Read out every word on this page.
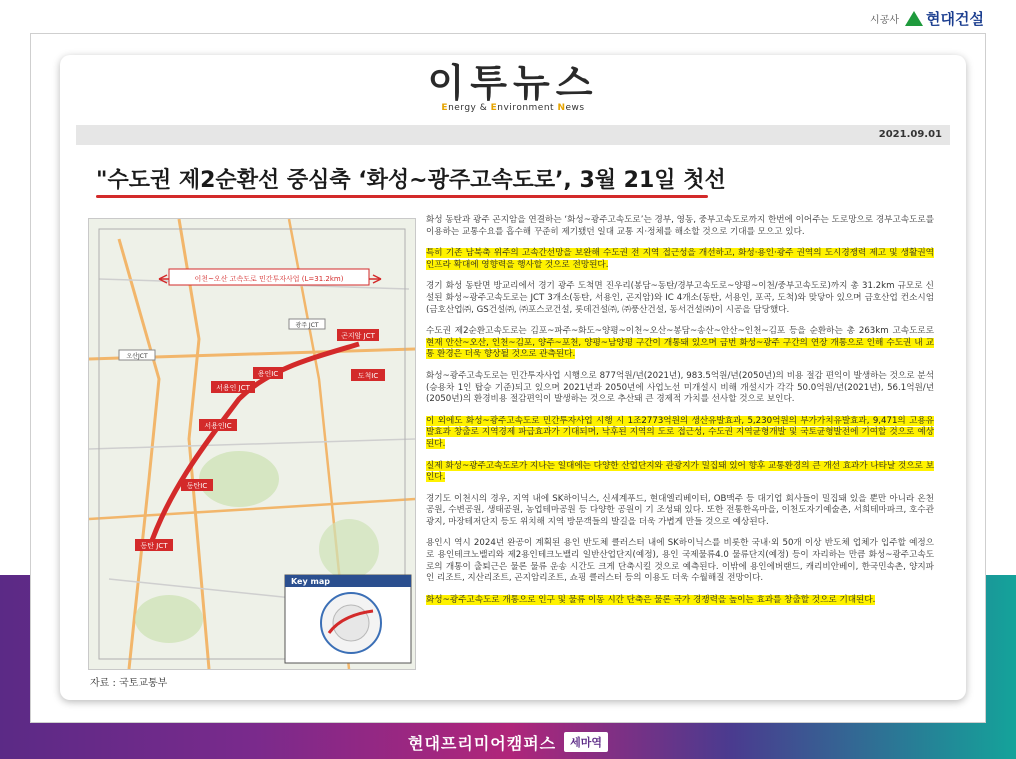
시공사 현대건설
이투뉴스
Energy & Environment News
2021.09.01
"수도권 제2순환선 중심축 ‘화성~광주고속도로’, 3월 21일 첫선
이천~오산 고속도로 민간투자사업 (L=31.2km)
곤지암 JCT
도척IC
용인IC
서용인 JCT
서용인IC
동탄IC
동탄 JCT
오산JCT
광주 JCT
Key map
자료 : 국토교통부

화성 동탄과 광주 곤지암을 연결하는 ‘화성~광주고속도로’는 경부, 영동, 중부고속도로까지 한번에 이어주는 도로망으로 경부고속도로를 이용하는 교통수요를 흡수해 꾸준히 제기됐던 일대 교통 지·정체를 해소할 것으로 기대를 모으고 있다.

특히 기존 남북축 위주의 고속간선망을 보완해 수도권 전 지역 접근성을 개선하고, 화성·용인·광주 권역의 도시경쟁력 제고 및 생활권역 인프라 확대에 영향력을 행사할 것으로 전망된다.

경기 화성 동탄면 방교리에서 경기 광주 도척면 진우리(봉담~동탄/경부고속도로~양평~이천/중부고속도로)까지 총 31.2km 규모로 신설된 화성~광주고속도로는 JCT 3개소(동탄, 서용인, 곤지암)와 IC 4개소(동탄, 서용인, 포곡, 도척)와 맞닿아 있으며 금호산업 컨소시엄(금호산업㈜, GS건설㈜, ㈜포스코건설, 롯데건설㈜, ㈜풍산건설, 동서건설㈜)이 시공을 담당했다.

수도권 제2순환고속도로는 김포~파주~화도~양평~이천~오산~봉담~송산~안산~인천~김포 등을 순환하는 총 263km 고속도로로 현재 안산~오산, 인천~김포, 양주~포천, 양평~남양평 구간이 개통돼 있으며 금번 화성~광주 구간의 연장 개통으로 인해 수도권 내 교통 환경은 더욱 향상될 것으로 관측된다.

화성~광주고속도로는 민간투자사업 시행으로 877억원/년(2021년), 983.5억원/년(2050년)의 비용 절감 편익이 발생하는 것으로 분석(승용차 1인 탑승 기준)되고 있으며 2021년과 2050년에 사업노선 미개설시 비해 개설시가 각각 50.0억원/년(2021년), 56.1억원/년(2050년)의 환경비용 절감편익이 발생하는 것으로 추산돼 큰 경제적 가치를 선사할 것으로 보인다.

이 외에도 화성~광주고속도로 민간투자사업 시행 시 1조2773억원의 생산유발효과, 5,230억원의 부가가치유발효과, 9,471의 고용유발효과 창출로 지역경제 파급효과가 기대되며, 낙후된 지역의 도로 접근성, 수도권 지역균형개발 및 국토균형발전에 기여할 것으로 예상된다.

실제 화성~광주고속도로가 지나는 일대에는 다양한 산업단지와 관광지가 밀집돼 있어 향후 교통환경의 큰 개선 효과가 나타날 것으로 보인다.

경기도 이천시의 경우, 지역 내에 SK하이닉스, 신세계푸드, 현대엘리베이터, OB맥주 등 대기업 회사들이 밀집돼 있을 뿐만 아니라 온천공원, 수변공원, 생태공원, 농업테마공원 등 다양한 공원이 기 조성돼 있다. 또한 전통한옥마을, 이천도자기예술촌, 서희테마파크, 호수관광지, 마장테저단지 등도 위치해 지역 방문객들의 발길을 더욱 가볍게 만들 것으로 예상된다.

용인시 역시 2024년 완공이 계획된 용인 반도체 클러스터 내에 SK하이닉스를 비롯한 국내·외 50개 이상 반도체 업체가 입주할 예정으로 용인테크노밸리와 제2용인테크노밸리 일반산업단지(예정), 용인 국제물류4.0 물류단지(예정) 등이 자리하는 만큼 화성~광주고속도로의 개통이 출퇴근은 물론 물류 운송 시간도 크게 단축시킬 것으로 예측된다. 이밖에 용인에버랜드, 캐리비안베이, 한국민속촌, 양지파인 리조트, 지산리조트, 곤지암리조트, 쇼핑 클러스터 등의 이용도 더욱 수월해질 전망이다.

화성~광주고속도로 개통으로 인구 및 물류 이동 시간 단축은 물론 국가 경쟁력을 높이는 효과를 창출할 것으로 기대된다.

현대프리미어캠퍼스	세마역
